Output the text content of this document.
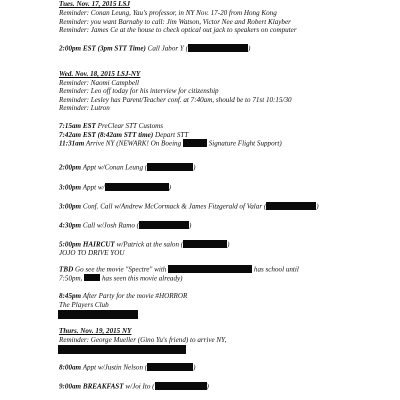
Tues. Nov. 17, 2015 LSJ
Reminder: Conan Leung, Yau's professor, in NY Nov. 17-20 from Hong Kong
Reminder: you want Barnaby to call: Jim Watson, Victor Nee and Robert Klayber
Reminder: James Ce at the house to check optical out jack to speakers on computer
2:00pm EST (3pm STT Time) Call Jabor Y (	)
Wed. Nov. 18, 2015 LSJ-NY
Reminder: Naomi Campbell
Reminder: Leo off today for his interview for citizenship
Reminder: Lesley has Parent/Teacher conf. at 7:40am, should be to 71st 10:15/30
Reminder: Lutron
7:15am EST PreClear STT Customs
7:42am EST (8:42am STT time) Depart STT
11:31am Arrive NY (NEWARK! On Boeing	Signature Flight Support)
2:00pm Appt w/Conan Leung (	)
3:00pm Appt w/	)
3:00pm Conf. Call w/Andrew McCormack & James Fitzgerald of Valar (	)
4:30pm Call w/Josh Ramo (	)
5:00pm HAIRCUT w/Patrick at the salon (	)
JOJO TO DRIVE YOU
TBD Go see the movie "Spectre" with	has school until
7:50pm,  has seen this movie already)
8:45pm After Party for the movie #HORROR
The Players Club
Thurs. Nov. 19, 2015 NY
Reminder: George Mueller (Gino Yu's friend) to arrive NY,
8:00am Appt w/Justin Nelson (	)
9:00am BREAKFAST w/Joi Ito (	)
